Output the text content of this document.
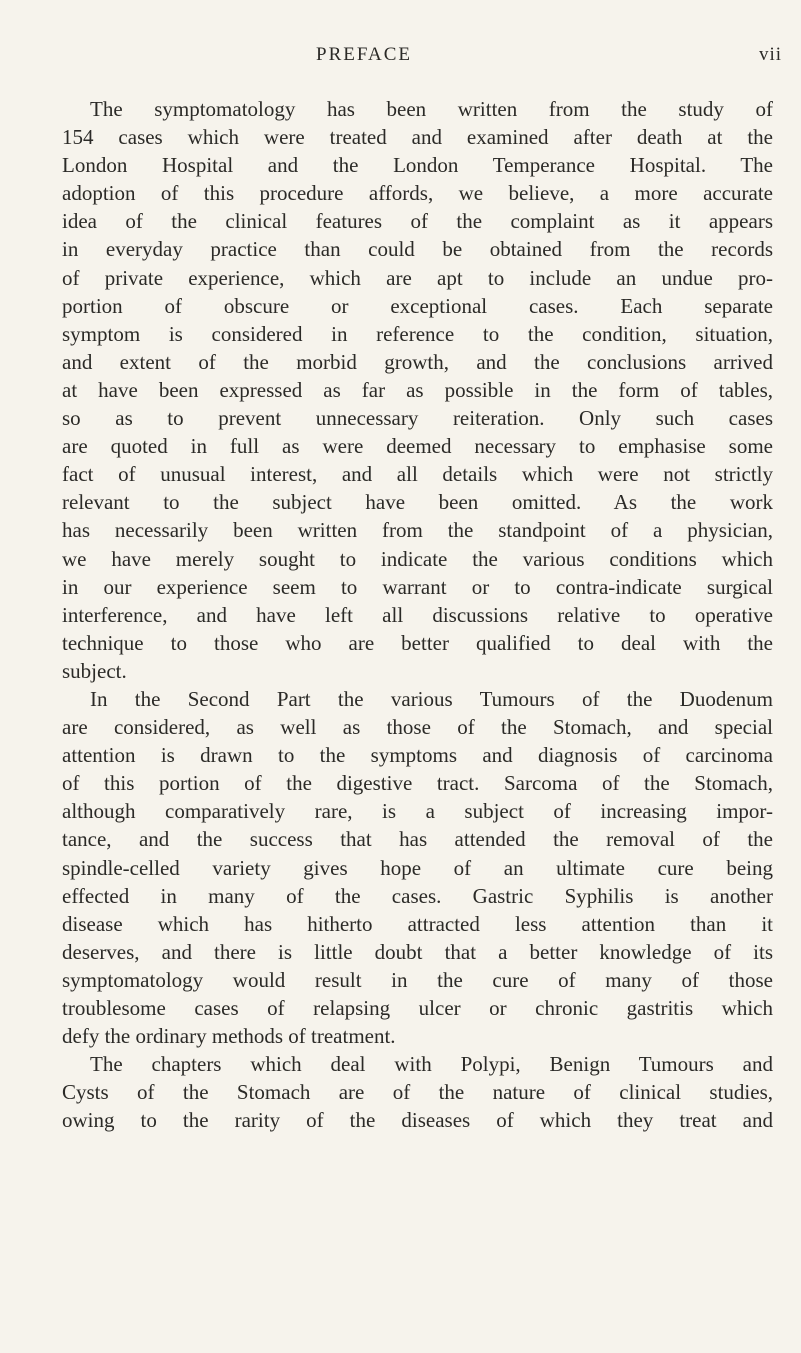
PREFACE	vii
The symptomatology has been written from the study of
154 cases which were treated and examined after death at the
London Hospital and the London Temperance Hospital. The
adoption of this procedure affords, we believe, a more accurate
idea of the clinical features of the complaint as it appears
in everyday practice than could be obtained from the records
of private experience, which are apt to include an undue pro-
portion of obscure or exceptional cases. Each separate
symptom is considered in reference to the condition, situation,
and extent of the morbid growth, and the conclusions arrived
at have been expressed as far as possible in the form of tables,
so as to prevent unnecessary reiteration. Only such cases
are quoted in full as were deemed necessary to emphasise some
fact of unusual interest, and all details which were not strictly
relevant to the subject have been omitted. As the work
has necessarily been written from the standpoint of a physician,
we have merely sought to indicate the various conditions which
in our experience seem to warrant or to contra-indicate surgical
interference, and have left all discussions relative to operative
technique to those who are better qualified to deal with the
subject.
In the Second Part the various Tumours of the Duodenum
are considered, as well as those of the Stomach, and special
attention is drawn to the symptoms and diagnosis of carcinoma
of this portion of the digestive tract. Sarcoma of the Stomach,
although comparatively rare, is a subject of increasing impor-
tance, and the success that has attended the removal of the
spindle-celled variety gives hope of an ultimate cure being
effected in many of the cases. Gastric Syphilis is another
disease which has hitherto attracted less attention than it
deserves, and there is little doubt that a better knowledge of its
symptomatology would result in the cure of many of those
troublesome cases of relapsing ulcer or chronic gastritis which
defy the ordinary methods of treatment.
The chapters which deal with Polypi, Benign Tumours and
Cysts of the Stomach are of the nature of clinical studies,
owing to the rarity of the diseases of which they treat and
